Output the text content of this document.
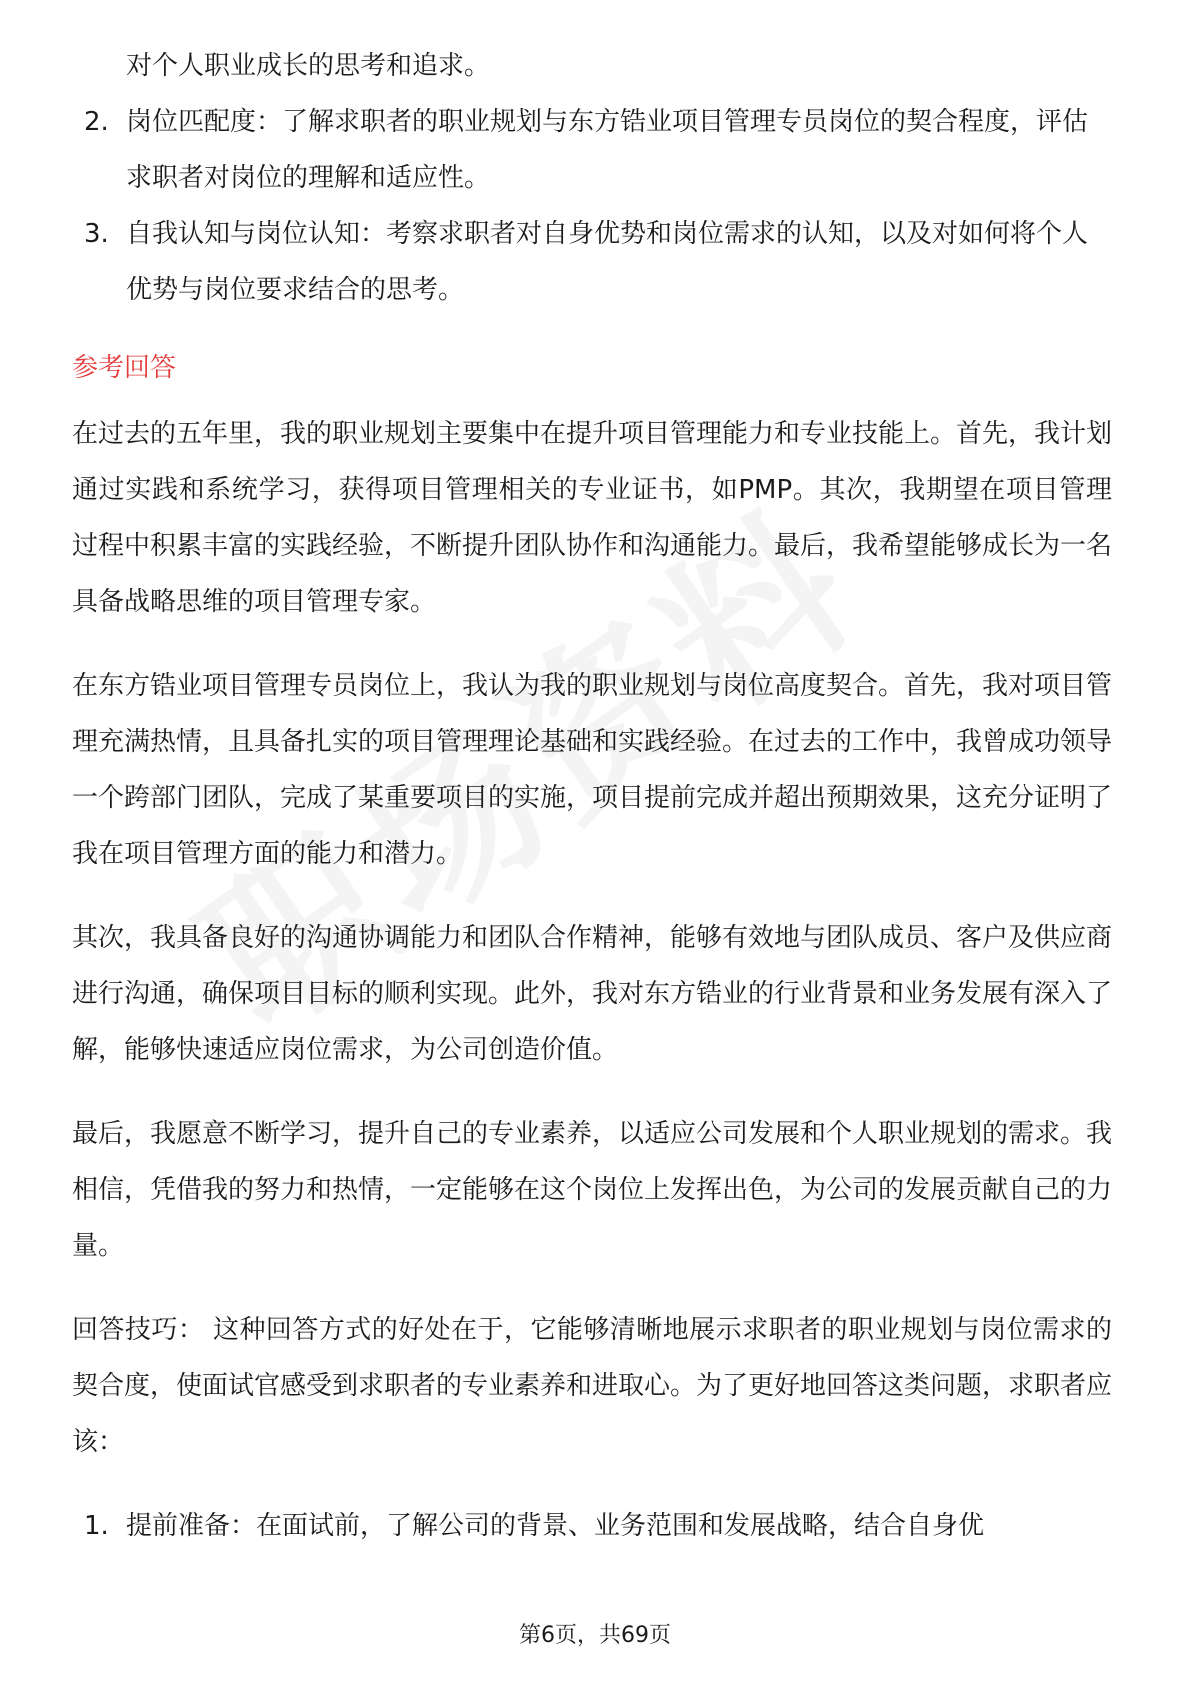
对个人职业成长的思考和追求。

2. 岗位匹配度：了解求职者的职业规划与东方锆业项目管理专员岗位的契合程度，评估求职者对岗位的理解和适应性。
3. 自我认知与岗位认知：考察求职者对自身优势和岗位需求的认知，以及对如何将个人优势与岗位要求结合的思考。
参考回答

在过去的五年里，我的职业规划主要集中在提升项目管理能力和专业技能上。首先，我计划通过实践和系统学习，获得项目管理相关的专业证书，如PMP。其次，我期望在项目管理过程中积累丰富的实践经验，不断提升团队协作和沟通能力。最后，我希望能够成长为一名具备战略思维的项目管理专家。

在东方锆业项目管理专员岗位上，我认为我的职业规划与岗位高度契合。首先，我对项目管理充满热情，且具备扎实的项目管理理论基础和实践经验。在过去的工作中，我曾成功领导一个跨部门团队，完成了某重要项目的实施，项目提前完成并超出预期效果，这充分证明了我在项目管理方面的能力和潜力。

其次，我具备良好的沟通协调能力和团队合作精神，能够有效地与团队成员、客户及供应商进行沟通，确保项目目标的顺利实现。此外，我对东方锆业的行业背景和业务发展有深入了解，能够快速适应岗位需求，为公司创造价值。

最后，我愿意不断学习，提升自己的专业素养，以适应公司发展和个人职业规划的需求。我相信，凭借我的努力和热情，一定能够在这个岗位上发挥出色，为公司的发展贡献自己的力量。

回答技巧： 这种回答方式的好处在于，它能够清晰地展示求职者的职业规划与岗位需求的契合度，使面试官感受到求职者的专业素养和进取心。为了更好地回答这类问题，求职者应该：

1. 提前准备：在面试前，了解公司的背景、业务范围和发展战略，结合自身优
第6页，共69页
